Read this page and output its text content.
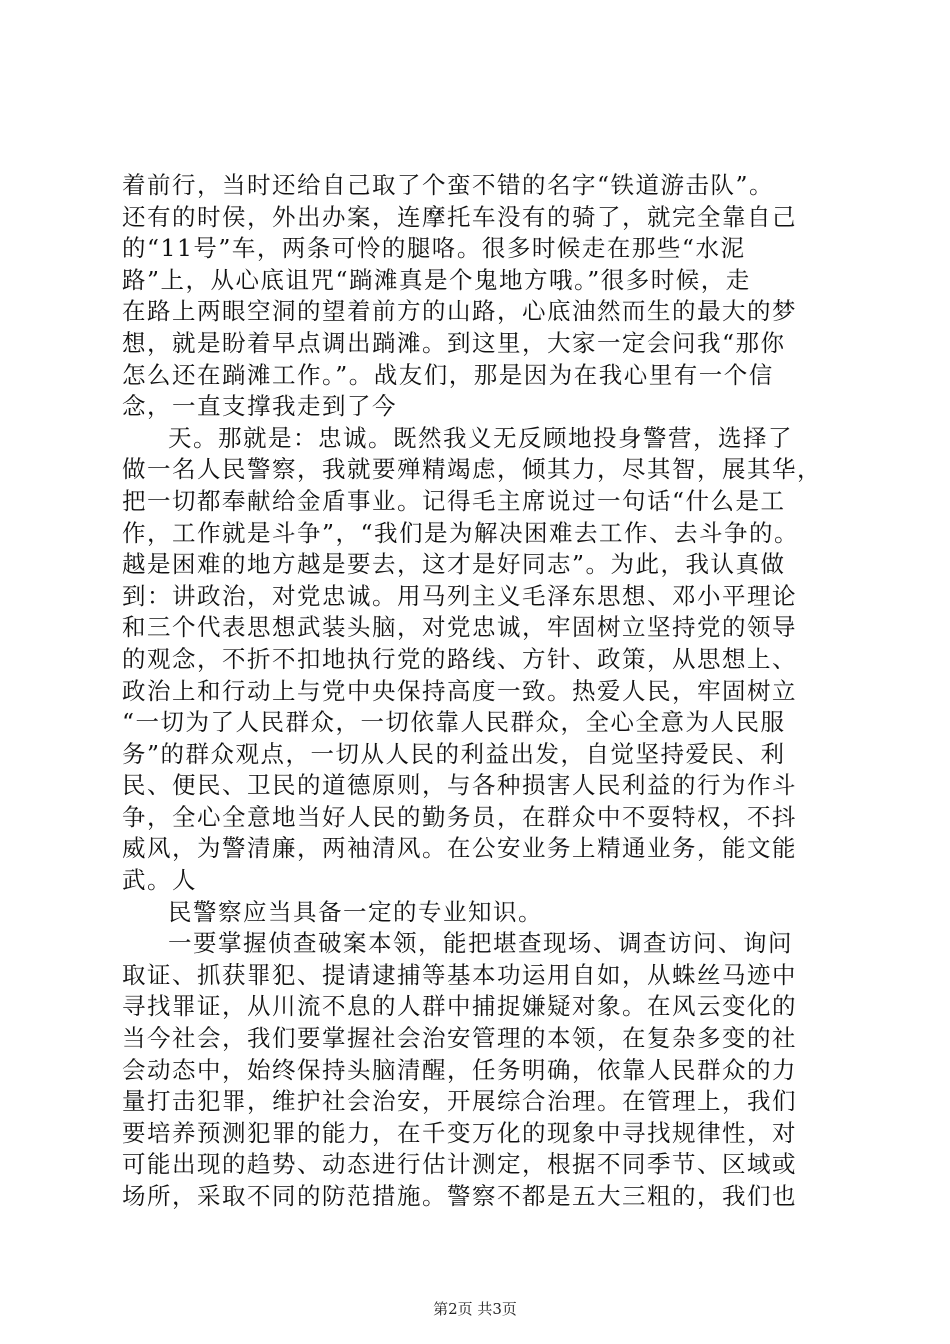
着前行，当时还给自己取了个蛮不错的名字“铁道游击队”。
还有的时侯，外出办案，连摩托车没有的骑了，就完全靠自己
的“11号”车，两条可怜的腿咯。很多时候走在那些“水泥
路”上，从心底诅咒“䠀滩真是个鬼地方哦。”很多时候，走
在路上两眼空洞的望着前方的山路，心底油然而生的最大的梦
想，就是盼着早点调出䠀滩。到这里，大家一定会问我“那你
怎么还在䠀滩工作。”。战友们，那是因为在我心里有一个信
念，一直支撑我走到了今
天。那就是：忠诚。既然我义无反顾地投身警营，选择了
做一名人民警察，我就要殚精竭虑，倾其力，尽其智，展其华，
把一切都奉献给金盾事业。记得毛主席说过一句话“什么是工
作，工作就是斗争”，“我们是为解决困难去工作、去斗争的。
越是困难的地方越是要去，这才是好同志”。为此，我认真做
到：讲政治，对党忠诚。用马列主义毛泽东思想、邓小平理论
和三个代表思想武装头脑，对党忠诚，牢固树立坚持党的领导
的观念，不折不扣地执行党的路线、方针、政策，从思想上、
政治上和行动上与党中央保持高度一致。热爱人民，牢固树立
“一切为了人民群众，一切依靠人民群众，全心全意为人民服
务”的群众观点，一切从人民的利益出发，自觉坚持爱民、利
民、便民、卫民的道德原则，与各种损害人民利益的行为作斗
争，全心全意地当好人民的勤务员，在群众中不耍特权，不抖
威风，为警清廉，两袖清风。在公安业务上精通业务，能文能
武。人
民警察应当具备一定的专业知识。
一要掌握侦查破案本领，能把堪查现场、调查访问、询问
取证、抓获罪犯、提请逮捕等基本功运用自如，从蛛丝马迹中
寻找罪证，从川流不息的人群中捕捉嫌疑对象。在风云变化的
当今社会，我们要掌握社会治安管理的本领，在复杂多变的社
会动态中，始终保持头脑清醒，任务明确，依靠人民群众的力
量打击犯罪，维护社会治安，开展综合治理。在管理上，我们
要培养预测犯罪的能力，在千变万化的现象中寻找规律性，对
可能出现的趋势、动态进行估计测定，根据不同季节、区域或
场所，采取不同的防范措施。警察不都是五大三粗的，我们也
第2页 共3页
